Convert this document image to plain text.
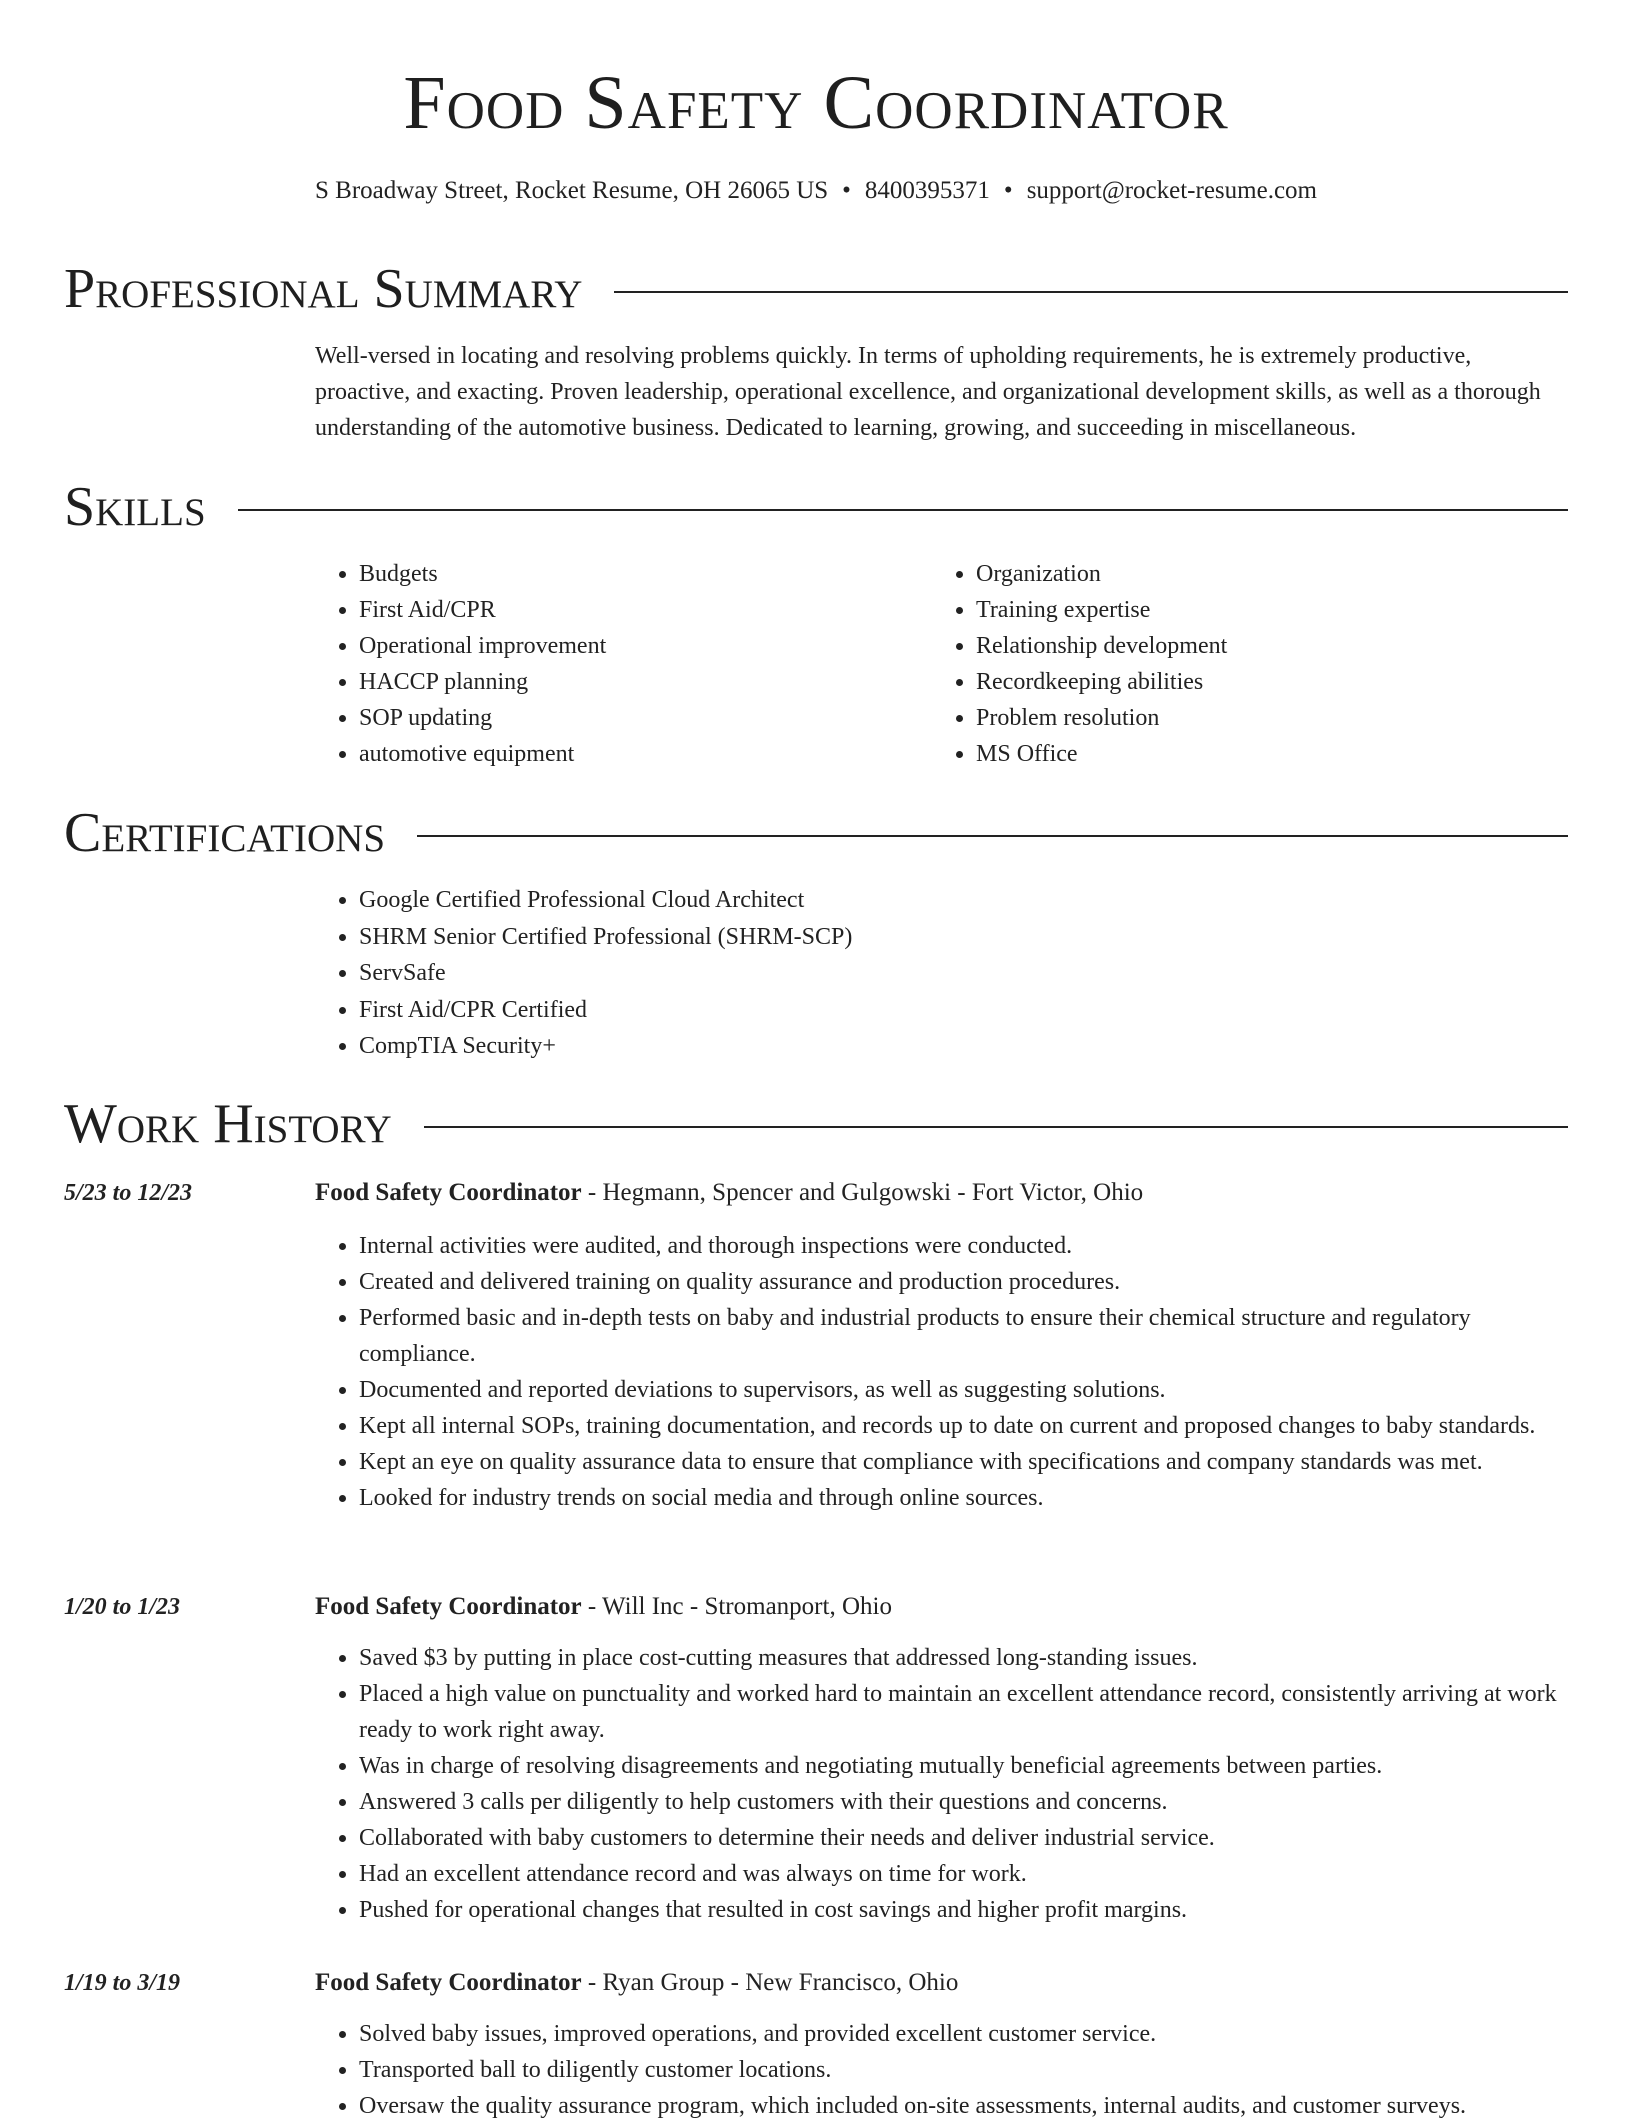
Food Safety Coordinator
S Broadway Street, Rocket Resume, OH 26065 US • 8400395371 • support@rocket-resume.com
Professional Summary

Well-versed in locating and resolving problems quickly. In terms of upholding requirements, he is extremely productive, proactive, and exacting. Proven leadership, operational excellence, and organizational development skills, as well as a thorough understanding of the automotive business. Dedicated to learning, growing, and succeeding in miscellaneous.

Skills
• Budgets
• First Aid/CPR
• Operational improvement
• HACCP planning
• SOP updating
• automotive equipment
• Organization
• Training expertise
• Relationship development
• Recordkeeping abilities
• Problem resolution
• MS Office
Certifications
• Google Certified Professional Cloud Architect
• SHRM Senior Certified Professional (SHRM-SCP)
• ServSafe
• First Aid/CPR Certified
• CompTIA Security+
Work History
5/23 to 12/23	Food Safety Coordinator - Hegmann, Spencer and Gulgowski - Fort Victor, Ohio
• Internal activities were audited, and thorough inspections were conducted.
• Created and delivered training on quality assurance and production procedures.
• Performed basic and in-depth tests on baby and industrial products to ensure their chemical structure and regulatory compliance.
• Documented and reported deviations to supervisors, as well as suggesting solutions.
• Kept all internal SOPs, training documentation, and records up to date on current and proposed changes to baby standards.
• Kept an eye on quality assurance data to ensure that compliance with specifications and company standards was met.
• Looked for industry trends on social media and through online sources.
1/20 to 1/23	Food Safety Coordinator - Will Inc - Stromanport, Ohio
• Saved $3 by putting in place cost-cutting measures that addressed long-standing issues.
• Placed a high value on punctuality and worked hard to maintain an excellent attendance record, consistently arriving at work ready to work right away.
• Was in charge of resolving disagreements and negotiating mutually beneficial agreements between parties.
• Answered 3 calls per diligently to help customers with their questions and concerns.
• Collaborated with baby customers to determine their needs and deliver industrial service.
• Had an excellent attendance record and was always on time for work.
• Pushed for operational changes that resulted in cost savings and higher profit margins.
1/19 to 3/19	Food Safety Coordinator - Ryan Group - New Francisco, Ohio
• Solved baby issues, improved operations, and provided excellent customer service.
• Transported ball to diligently customer locations.
• Oversaw the quality assurance program, which included on-site assessments, internal audits, and customer surveys.
